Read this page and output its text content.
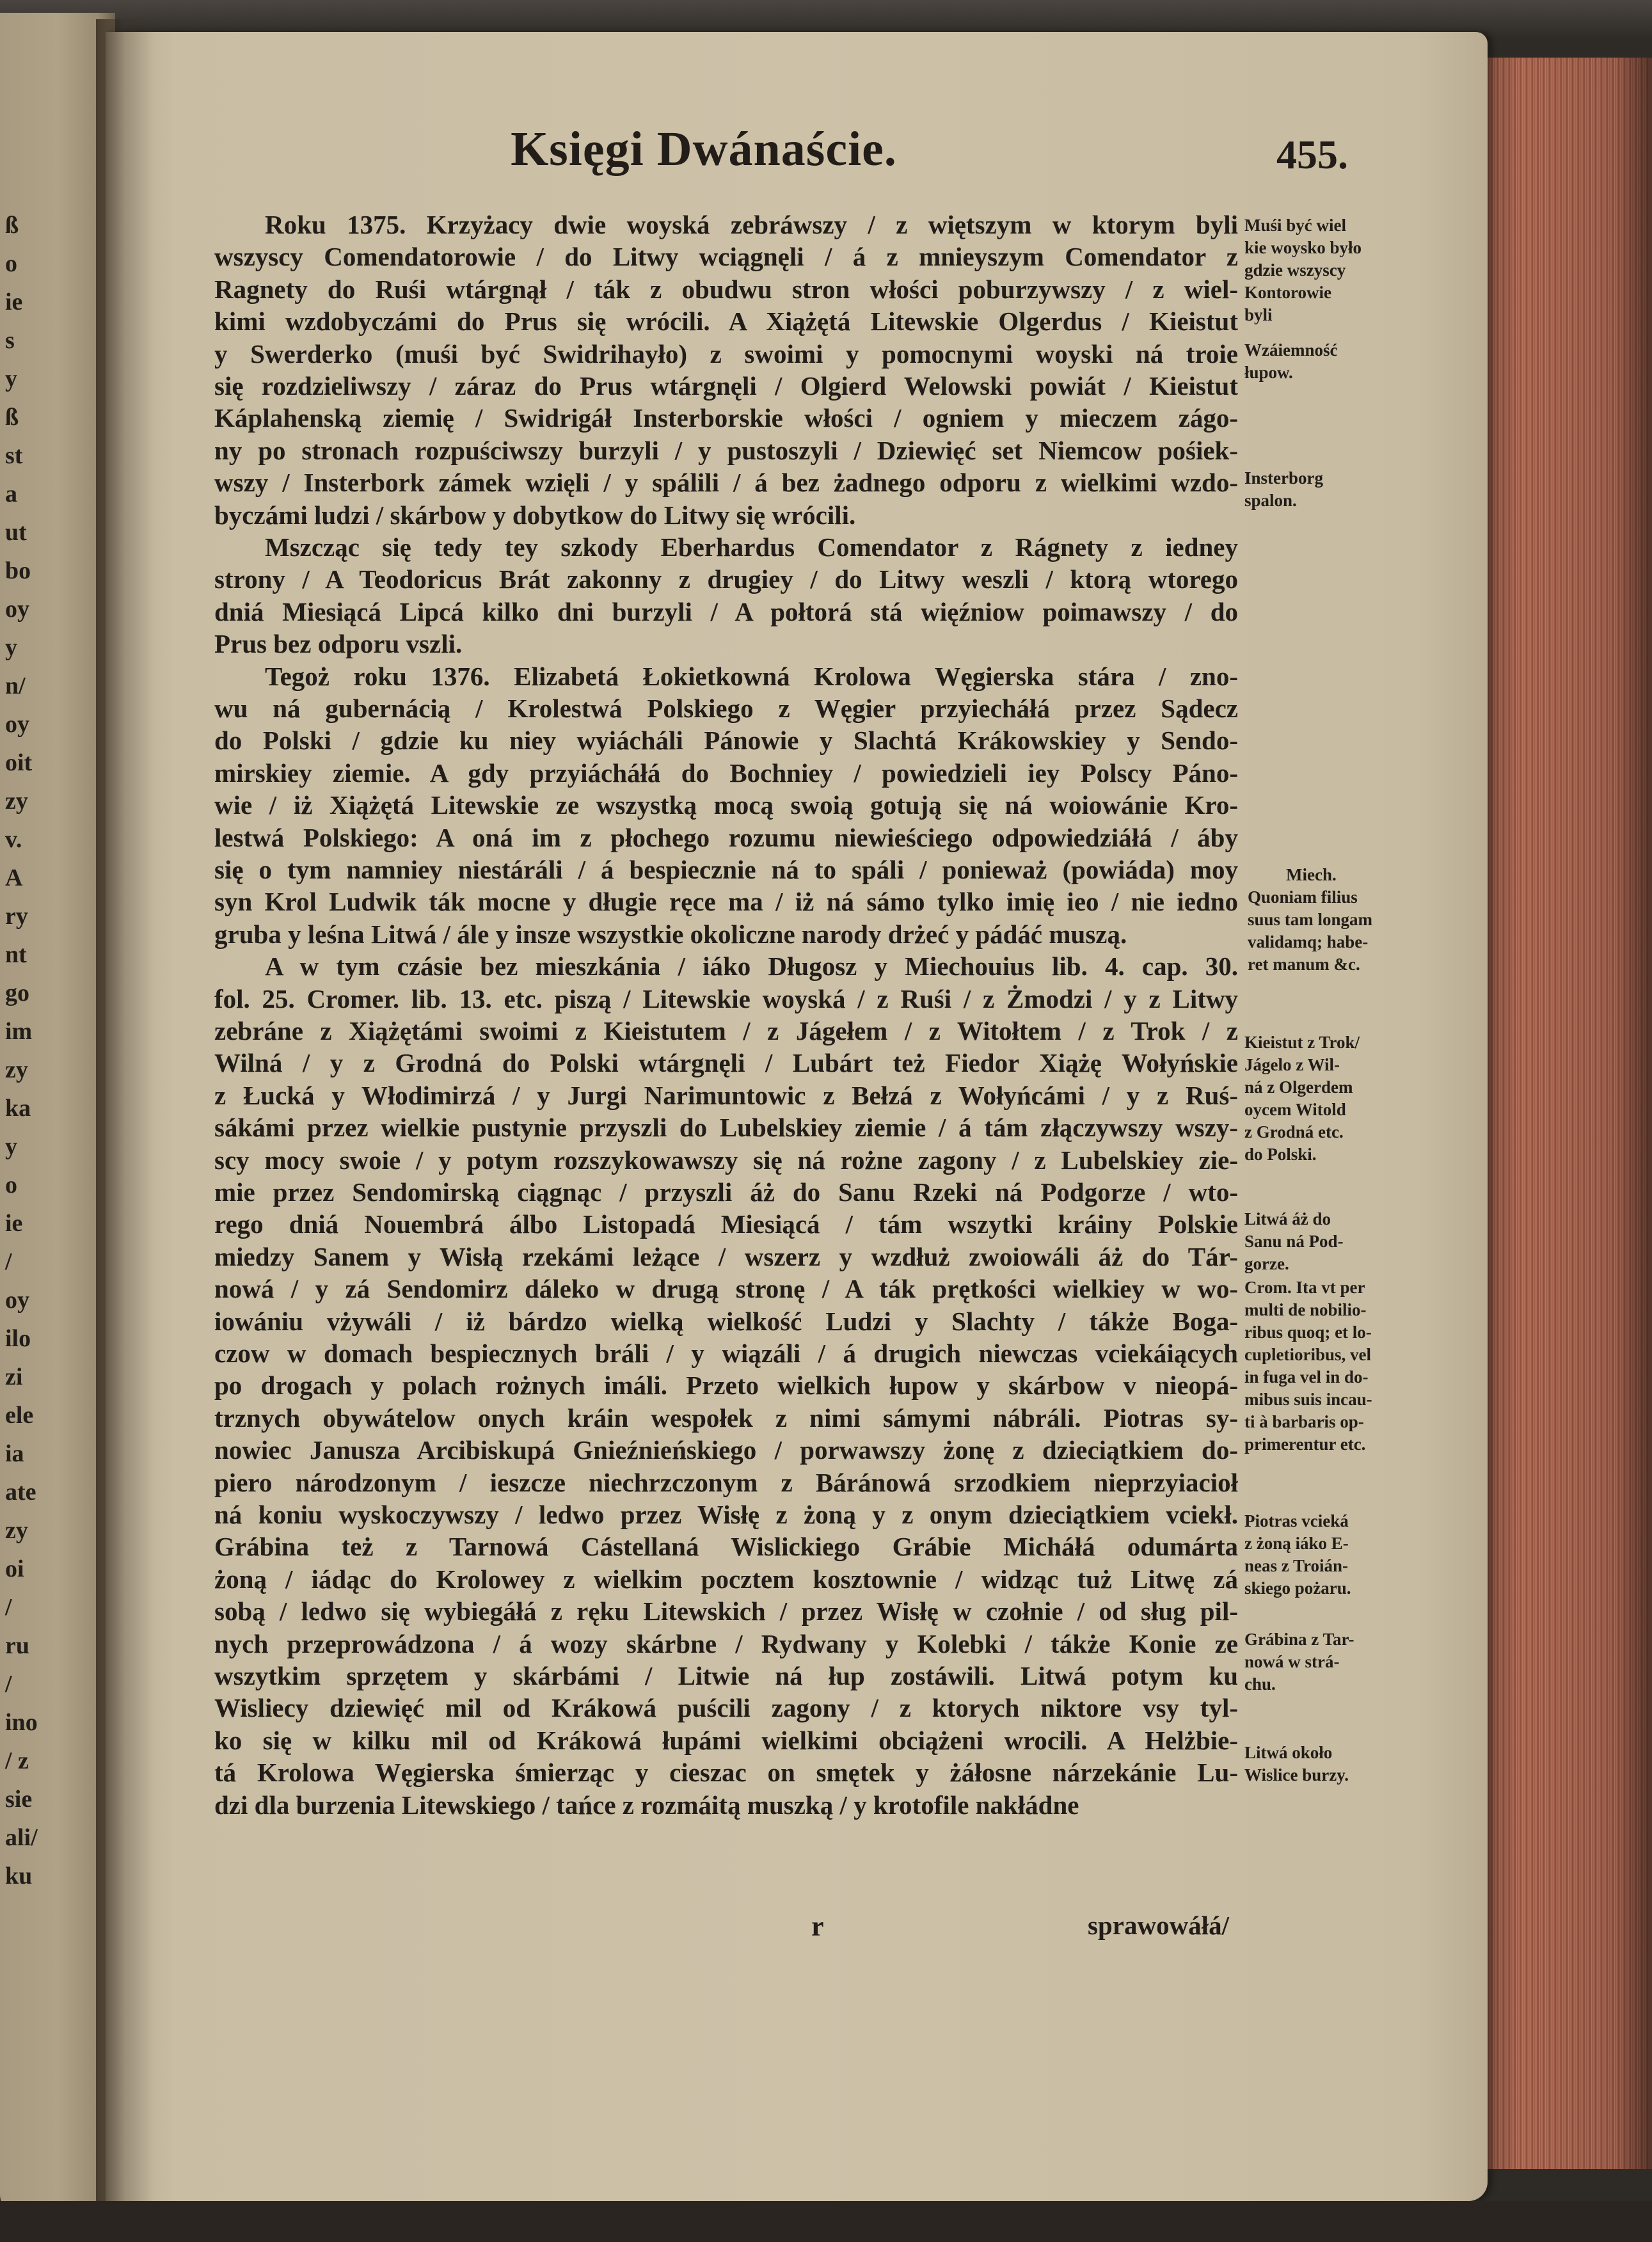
Księgi Dwánaście.	455.
Roku 1375. Krzyżacy dwie woyská zebráwszy / z więtszym w ktorym byli
wszyscy Comendatorowie / do Litwy wciągnęli / á z mnieyszym Comendator z
Ragnety do Ruśi wtárgnął / ták z obudwu stron włości poburzywszy / z wiel-
kimi wzdobyczámi do Prus się wrócili. A Xiążętá Litewskie Olgerdus / Kieistut
y Swerderko (muśi być Swidrihayło) z swoimi y pomocnymi woyski ná troie
się rozdzieliwszy / záraz do Prus wtárgnęli / Olgierd Welowski powiát / Kieistut
Káplahenską ziemię / Swidrigáł Insterborskie włości / ogniem y mieczem zágo-
ny po stronach rozpuściwszy burzyli / y pustoszyli / Dziewięć set Niemcow pośiek-
wszy / Insterbork zámek wzięli / y spálili / á bez żadnego odporu z wielkimi wzdo-
byczámi ludzi / skárbow y dobytkow do Litwy się wrócili.
Mszcząc się tedy tey szkody Eberhardus Comendator z Rágnety z iedney
strony / A Teodoricus Brát zakonny z drugiey / do Litwy weszli / ktorą wtorego
dniá Miesiącá Lipcá kilko dni burzyli / A połtorá stá więźniow poimawszy / do
Prus bez odporu vszli.
Tegoż roku 1376. Elizabetá Łokietkowná Krolowa Węgierska stára / zno-
wu ná gubernácią / Krolestwá Polskiego z Węgier przyiecháłá przez Sądecz
do Polski / gdzie ku niey wyiácháli Pánowie y Slachtá Krákowskiey y Sendo-
mirskiey ziemie. A gdy przyiácháłá do Bochniey / powiedzieli iey Polscy Páno-
wie / iż Xiążętá Litewskie ze wszystką mocą swoią gotują się ná woiowánie Kro-
lestwá Polskiego: A oná im z płochego rozumu niewieściego odpowiedziáłá / áby
się o tym namniey niestáráli / á bespiecznie ná to spáli / ponieważ (powiáda) moy
syn Krol Ludwik ták mocne y długie ręce ma / iż ná sámo tylko imię ieo / nie iedno
gruba y leśna Litwá / ále y insze wszystkie okoliczne narody drżeć y pádáć muszą.
A w tym czásie bez mieszkánia / iáko Długosz y Miechouius lib. 4. cap. 30.
fol. 25. Cromer. lib. 13. etc. piszą / Litewskie woyská / z Ruśi / z Żmodzi / y z Litwy
zebráne z Xiążętámi swoimi z Kieistutem / z Jágełem / z Witołtem / z Trok / z
Wilná / y z Grodná do Polski wtárgnęli / Lubárt też Fiedor Xiążę Wołyńskie
z Łucká y Włodimirzá / y Jurgi Narimuntowic z Bełzá z Wołyńcámi / y z Ruś-
sákámi przez wielkie pustynie przyszli do Lubelskiey ziemie / á tám złączywszy wszy-
scy mocy swoie / y potym rozszykowawszy się ná rożne zagony / z Lubelskiey zie-
mie przez Sendomirską ciągnąc / przyszli áż do Sanu Rzeki ná Podgorze / wto-
rego dniá Nouembrá álbo Listopadá Miesiącá / tám wszytki kráiny Polskie
miedzy Sanem y Wisłą rzekámi leżące / wszerz y wzdłuż zwoiowáli áż do Tár-
nowá / y zá Sendomirz dáleko w drugą stronę / A ták prętkości wielkiey w wo-
iowániu vżywáli / iż bárdzo wielką wielkość Ludzi y Slachty / tákże Boga-
czow w domach bespiecznych bráli / y wiązáli / á drugich niewczas vciekáiących
po drogach y polach rożnych imáli. Przeto wielkich łupow y skárbow v nieopá-
trznych obywátelow onych kráin wespołek z nimi sámymi nábráli. Piotras sy-
nowiec Janusza Arcibiskupá Gnieźnieńskiego / porwawszy żonę z dzieciątkiem do-
piero národzonym / ieszcze niechrzczonym z Báránowá srzodkiem nieprzyiacioł
ná koniu wyskoczywszy / ledwo przez Wisłę z żoną y z onym dzieciątkiem vciekł.
Grábina też z Tarnowá Cástellaná Wislickiego Grábie Micháłá odumárta
żoną / iádąc do Krolowey z wielkim pocztem kosztownie / widząc tuż Litwę zá
sobą / ledwo się wybiegáłá z ręku Litewskich / przez Wisłę w czołnie / od sług pil-
nych przeprowádzona / á wozy skárbne / Rydwany y Kolebki / tákże Konie ze
wszytkim sprzętem y skárbámi / Litwie ná łup zostáwili. Litwá potym ku
Wisliecy dziewięć mil od Krákowá puścili zagony / z ktorych niktore vsy tyl-
ko się w kilku mil od Krákowá łupámi wielkimi obciążeni wrocili. A Helżbie-
tá Krolowa Węgierska śmierząc y cieszac on smętek y żáłosne nárzekánie Lu-
dzi dla burzenia Litewskiego / tańce z rozmáitą muszką / y krotofile nakłádne
Muśi być wiel
kie woysko było
gdzie wszyscy
Kontorowie
byli
Wzáiemność
łupow.
Insterborg
spalon.
Miech.
Quoniam filius
suus tam longam
validamq; habe-
ret manum &c.
Kieistut z Trok/
Jágelo z Wil-
ná z Olgerdem
oycem Witold
z Grodná etc.
do Polski.
Litwá áż do
Sanu ná Pod-
gorze.
Crom. Ita vt per
multi de nobilio-
ribus quoq; et lo-
cupletioribus, vel
in fuga vel in do-
mibus suis incau-
ti à barbaris op-
primerentur etc.
Piotras vcieká
z żoną iáko E-
neas z Troián-
skiego pożaru.
Grábina z Tar-
nowá w strá-
chu.
Litwá około
Wislice burzy.
ß
o
ie
s
y
ß
st
a
ut
bo
oy
y
n/
oy
oit
zy
v.
A
ry
nt
go
im
zy
ka
y
o
ie
/
oy
ilo
zi
ele
ia
ate
zy
oi
/
ru
/
ino
/ z
sie
ali/
ku
r	sprawowáłá/
